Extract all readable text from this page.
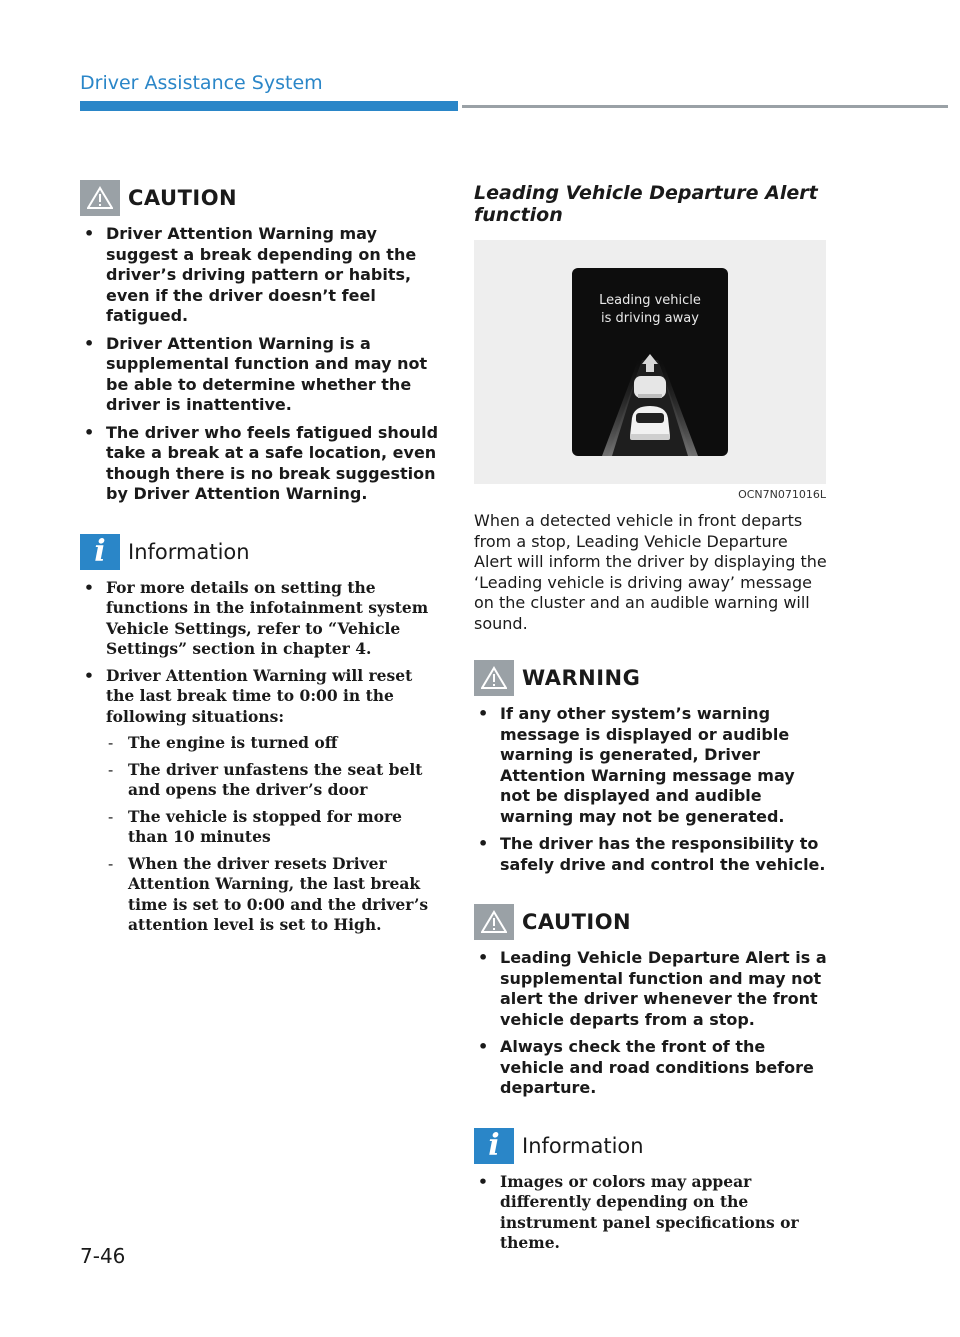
Driver Assistance System
CAUTION
• Driver Attention Warning may suggest a break depending on the driver’s driving pattern or habits, even if the driver doesn’t feel fatigued.
• Driver Attention Warning is a supplemental function and may not be able to determine whether the driver is inattentive.
• The driver who feels fatigued should take a break at a safe location, even though there is no break suggestion by Driver Attention Warning.
i	Information
• For more details on setting the functions in the infotainment system Vehicle Settings, refer to “Vehicle Settings” section in chapter 4.
• Driver Attention Warning will reset the last break time to 0:00 in the following situations:
- The engine is turned off
- The driver unfastens the seat belt and opens the driver’s door
- The vehicle is stopped for more than 10 minutes
- When the driver resets Driver Attention Warning, the last break time is set to 0:00 and the driver’s attention level is set to High.
Leading Vehicle Departure Alert function
Leading vehicle
is driving away
OCN7N071016L

When a detected vehicle in front departs from a stop, Leading Vehicle Departure Alert will inform the driver by displaying the ‘Leading vehicle is driving away’ message on the cluster and an audible warning will sound.

WARNING
• If any other system’s warning message is displayed or audible warning is generated, Driver Attention Warning message may not be displayed and audible warning may not be generated.
• The driver has the responsibility to safely drive and control the vehicle.
CAUTION
• Leading Vehicle Departure Alert is a supplemental function and may not alert the driver whenever the front vehicle departs from a stop.
• Always check the front of the vehicle and road conditions before departure.
i	Information
• Images or colors may appear differently depending on the instrument panel specifications or theme.
7-46
